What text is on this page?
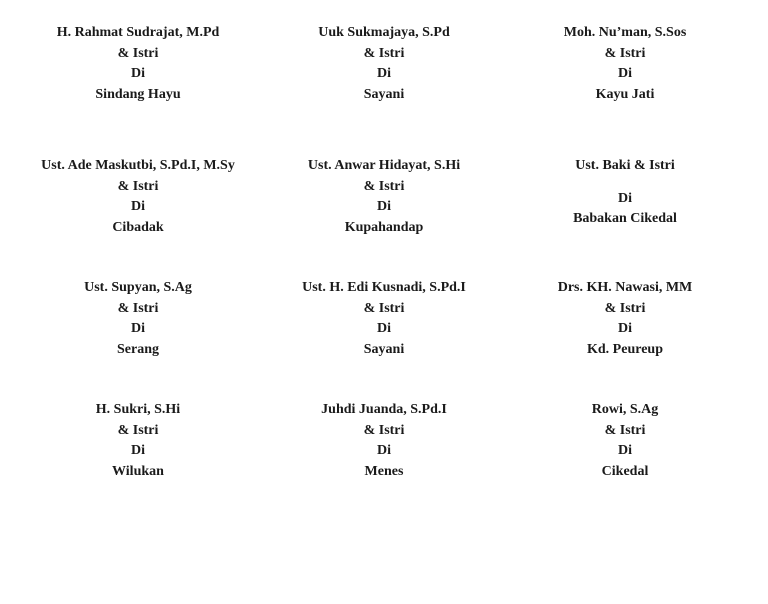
H. Rahmat Sudrajat, M.Pd
& Istri
Di
Sindang Hayu
Uuk Sukmajaya, S.Pd
& Istri
Di
Sayani
Moh. Nu’man, S.Sos
& Istri
Di
Kayu Jati
Ust. Ade Maskutbi, S.Pd.I, M.Sy
& Istri
Di
Cibadak
Ust. Anwar Hidayat, S.Hi
& Istri
Di
Kupahandap
Ust. Baki & Istri
Di
Babakan Cikedal
Ust. Supyan, S.Ag
& Istri
Di
Serang
Ust. H. Edi Kusnadi, S.Pd.I
& Istri
Di
Sayani
Drs. KH. Nawasi, MM
& Istri
Di
Kd. Peureup
H. Sukri, S.Hi
& Istri
Di
Wilukan
Juhdi Juanda, S.Pd.I
& Istri
Di
Menes
Rowi, S.Ag
& Istri
Di
Cikedal
